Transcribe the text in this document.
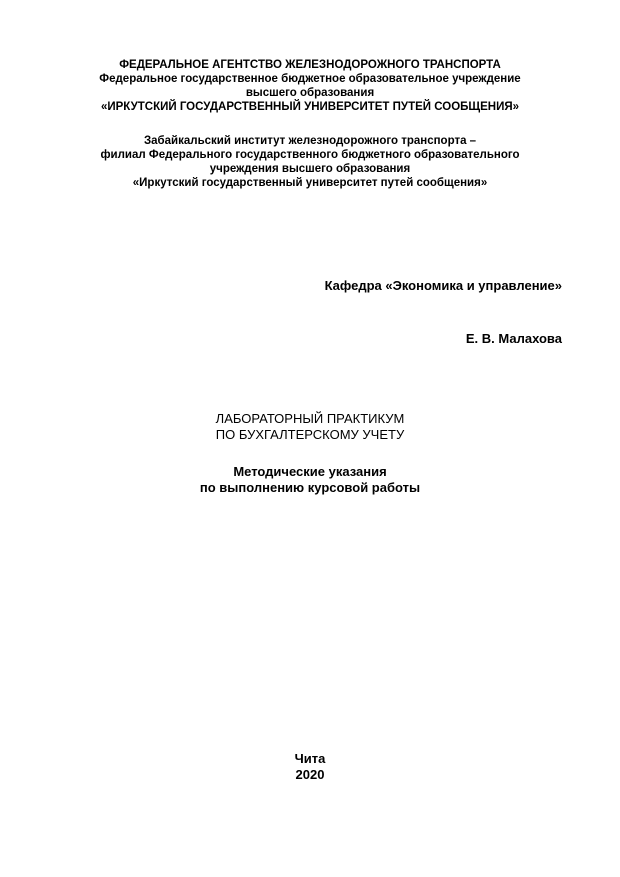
ФЕДЕРАЛЬНОЕ АГЕНТСТВО ЖЕЛЕЗНОДОРОЖНОГО ТРАНСПОРТА
Федеральное государственное бюджетное образовательное учреждение
высшего образования
«ИРКУТСКИЙ ГОСУДАРСТВЕННЫЙ УНИВЕРСИТЕТ ПУТЕЙ СООБЩЕНИЯ»
Забайкальский институт железнодорожного транспорта –
филиал Федерального государственного бюджетного образовательного
учреждения высшего образования
«Иркутский государственный университет путей сообщения»
Кафедра «Экономика и управление»
Е. В. Малахова
ЛАБОРАТОРНЫЙ ПРАКТИКУМ
ПО БУХГАЛТЕРСКОМУ УЧЕТУ
Методические указания
по выполнению курсовой работы
Чита
2020
